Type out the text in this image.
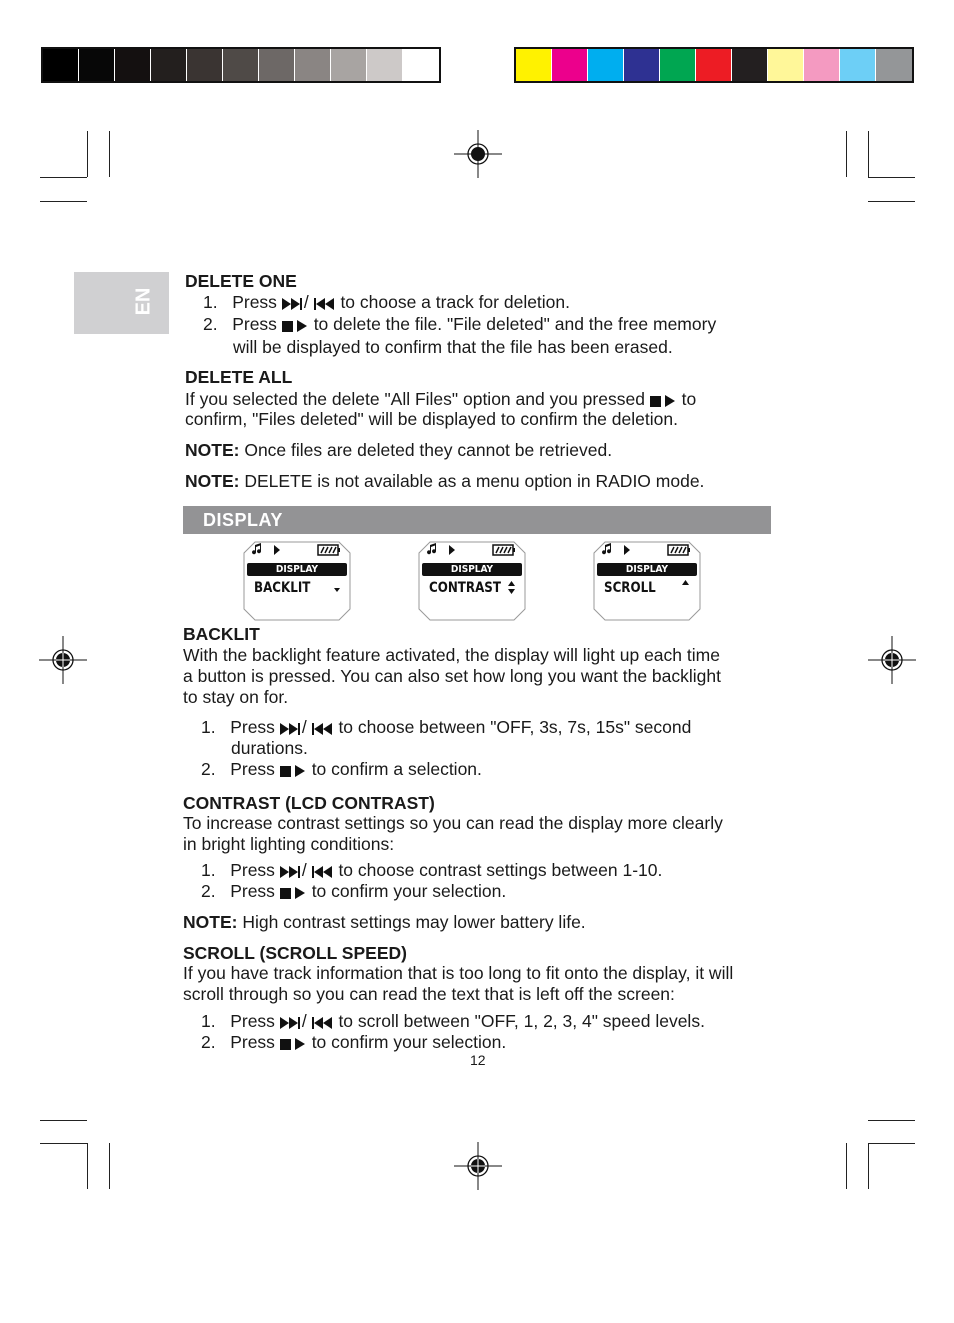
EN
DELETE ONE
1. Press / to choose a track for deletion.
2. Press to delete the file. "File deleted" and the free memory
will be displayed to confirm that the file has been erased.
DELETE ALL
If you selected the delete "All Files" option and you pressed to
confirm, "Files deleted" will be displayed to confirm the deletion.
NOTE: Once files are deleted they cannot be retrieved.
NOTE: DELETE is not available as a menu option in RADIO mode.
DISPLAY
DISPLAY
BACKLIT
DISPLAY
CONTRAST
DISPLAY
SCROLL
BACKLIT
With the backlight feature activated, the display will light up each time
a button is pressed. You can also set how long you want the backlight
to stay on for.
1. Press / to choose between "OFF, 3s, 7s, 15s" second
durations.
2. Press to confirm a selection.
CONTRAST (LCD CONTRAST)
To increase contrast settings so you can read the display more clearly
in bright lighting conditions:
1. Press / to choose contrast settings between 1-10.
2. Press to confirm your selection.
NOTE: High contrast settings may lower battery life.
SCROLL (SCROLL SPEED)
If you have track information that is too long to fit onto the display, it will
scroll through so you can read the text that is left off the screen:
1. Press / to scroll between "OFF, 1, 2, 3, 4" speed levels.
2. Press to confirm your selection.
12
